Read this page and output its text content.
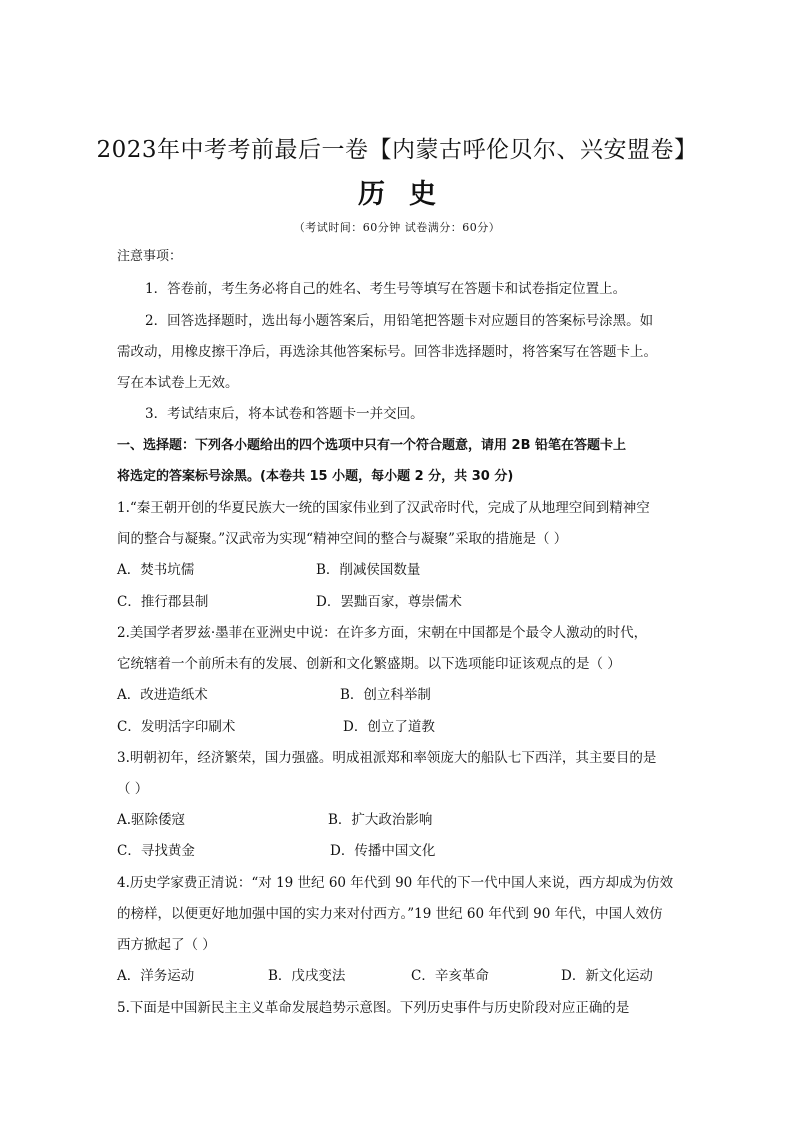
2023年中考考前最后一卷【内蒙古呼伦贝尔、兴安盟卷】
历 史
（考试时间：60分钟 试卷满分：60分）
注意事项：
1．答卷前，考生务必将自己的姓名、考生号等填写在答题卡和试卷指定位置上。
2．回答选择题时，选出每小题答案后，用铅笔把答题卡对应题目的答案标号涂黑。如
需改动，用橡皮擦干净后，再选涂其他答案标号。回答非选择题时，将答案写在答题卡上。
写在本试卷上无效。
3．考试结束后，将本试卷和答题卡一并交回。
一、选择题：下列各小题给出的四个选项中只有一个符合题意，请用 2B 铅笔在答题卡上
将选定的答案标号涂黑。(本卷共 15 小题，每小题 2 分，共 30 分)
1.“秦王朝开创的华夏民族大一统的国家伟业到了汉武帝时代，完成了从地理空间到精神空
间的整合与凝聚。”汉武帝为实现“精神空间的整合与凝聚”采取的措施是（ ）
A．焚书坑儒	B．削减侯国数量
C．推行郡县制	D．罢黜百家，尊崇儒术
2.美国学者罗兹·墨菲在亚洲史中说：在许多方面，宋朝在中国都是个最令人激动的时代，
它统辖着一个前所未有的发展、创新和文化繁盛期。以下选项能印证该观点的是（ ）
A．改进造纸术	B．创立科举制
C．发明活字印刷术	D．创立了道教
3.明朝初年，经济繁荣，国力强盛。明成祖派郑和率领庞大的船队七下西洋，其主要目的是
（ ）
A.驱除倭寇	B．扩大政治影响
C．寻找黄金	D．传播中国文化
4.历史学家费正清说：“对 19 世纪 60 年代到 90 年代的下一代中国人来说，西方却成为仿效
的榜样，以便更好地加强中国的实力来对付西方。”19 世纪 60 年代到 90 年代，中国人效仿
西方掀起了（ ）
A．洋务运动	B．戊戌变法	C．辛亥革命	D．新文化运动
5.下面是中国新民主主义革命发展趋势示意图。下列历史事件与历史阶段对应正确的是
